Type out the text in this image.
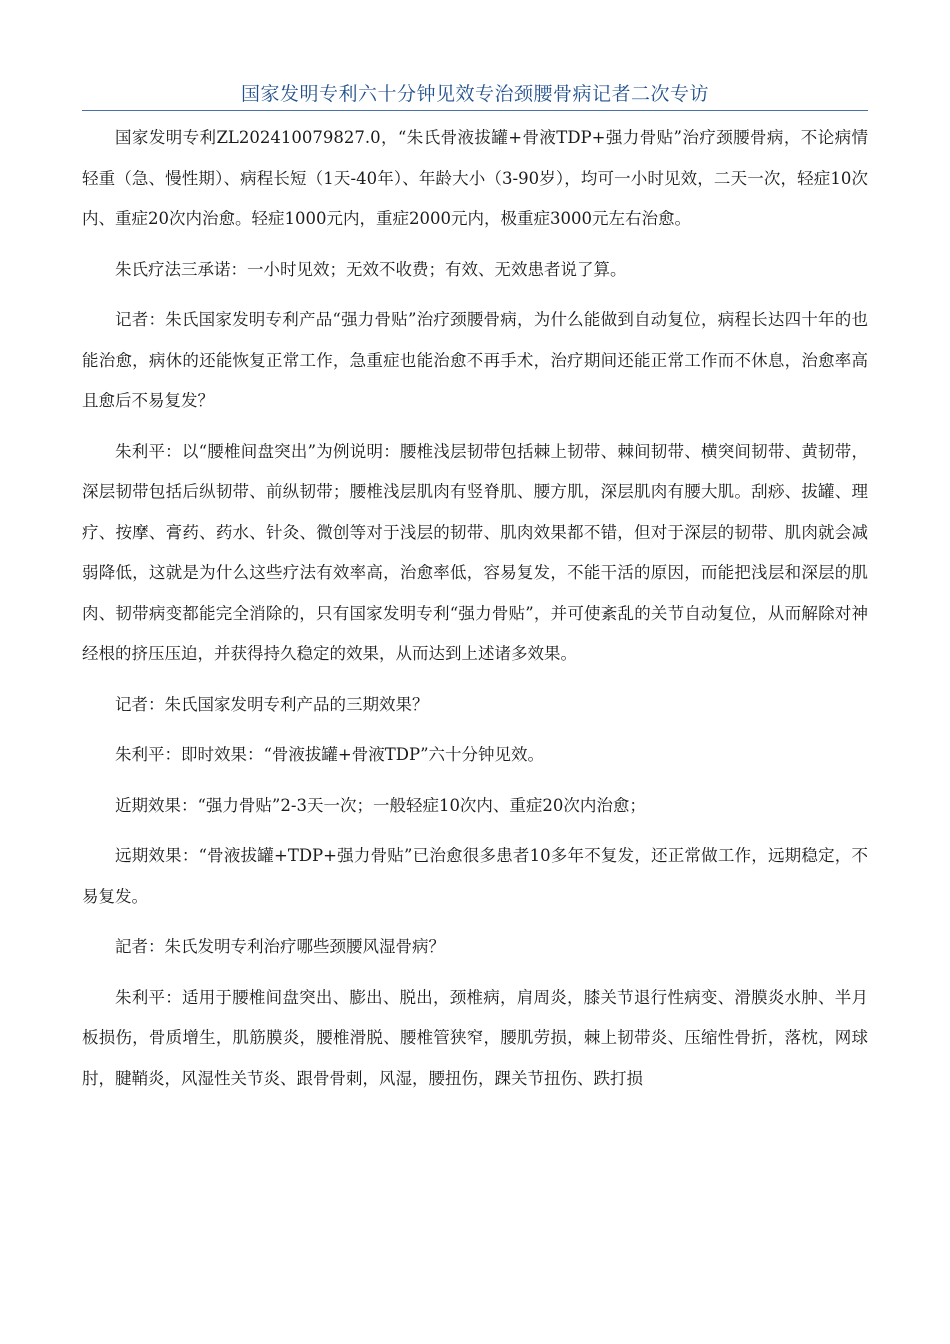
国家发明专利六十分钟见效专治颈腰骨病记者二次专访

国家发明专利ZL202410079827.0，“朱氏骨液拔罐+骨液TDP+强力骨贴”治疗颈腰骨病，不论病情轻重（急、慢性期）、病程长短（1天-40年）、年龄大小（3-90岁），均可一小时见效，二天一次，轻症10次内、重症20次内治愈。轻症1000元内，重症2000元内，极重症3000元左右治愈。

朱氏疗法三承诺：一小时见效；无效不收费；有效、无效患者说了算。

记者：朱氏国家发明专利产品“强力骨贴”治疗颈腰骨病，为什么能做到自动复位，病程长达四十年的也能治愈，病休的还能恢复正常工作，急重症也能治愈不再手术，治疗期间还能正常工作而不休息，治愈率高且愈后不易复发？

朱利平：以“腰椎间盘突出”为例说明：腰椎浅层韧带包括棘上韧带、棘间韧带、横突间韧带、黄韧带，深层韧带包括后纵韧带、前纵韧带；腰椎浅层肌肉有竖脊肌、腰方肌，深层肌肉有腰大肌。刮痧、拔罐、理疗、按摩、膏药、药水、针灸、微创等对于浅层的韧带、肌肉效果都不错，但对于深层的韧带、肌肉就会减弱降低，这就是为什么这些疗法有效率高，治愈率低，容易复发，不能干活的原因，而能把浅层和深层的肌肉、韧带病变都能完全消除的，只有国家发明专利“强力骨贴”，并可使紊乱的关节自动复位，从而解除对神经根的挤压压迫，并获得持久稳定的效果，从而达到上述诸多效果。

记者：朱氏国家发明专利产品的三期效果？

朱利平：即时效果：“骨液拔罐+骨液TDP”六十分钟见效。

近期效果：“强力骨贴”2-3天一次；一般轻症10次内、重症20次内治愈；

远期效果：“骨液拔罐+TDP+强力骨贴”已治愈很多患者10多年不复发，还正常做工作，远期稳定，不易复发。

記者：朱氏发明专利治疗哪些颈腰风湿骨病？

朱利平：适用于腰椎间盘突出、膨出、脱出，颈椎病，肩周炎，膝关节退行性病变、滑膜炎水肿、半月板损伤，骨质增生，肌筋膜炎，腰椎滑脱、腰椎管狭窄，腰肌劳损，棘上韧带炎、压缩性骨折，落枕，网球肘，腱鞘炎，风湿性关节炎、跟骨骨刺，风湿，腰扭伤，踝关节扭伤、跌打损
